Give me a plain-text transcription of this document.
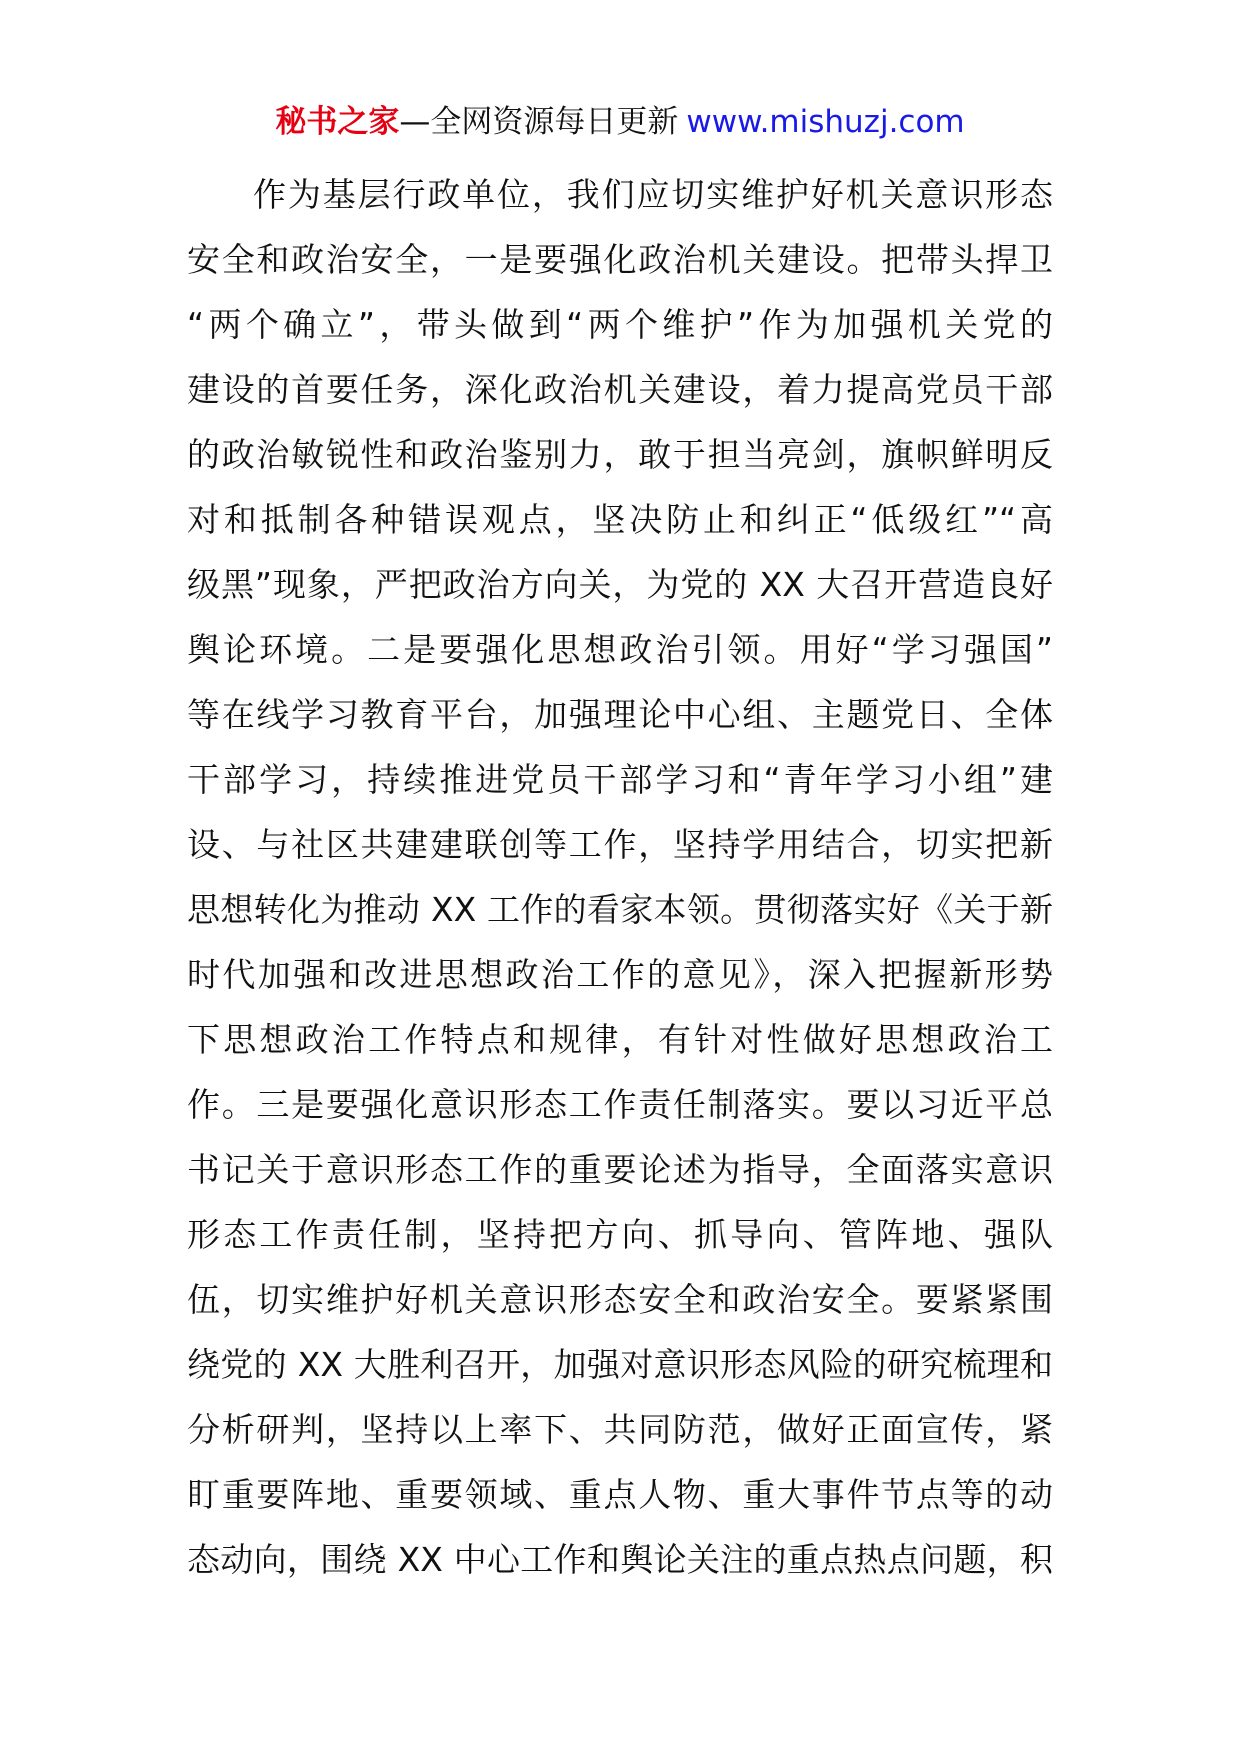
秘书之家—全网资源每日更新 www.mishuzj.com
作为基层行政单位，我们应切实维护好机关意识形态
安全和政治安全，一是要强化政治机关建设。把带头捍卫
“两个确立”，带头做到“两个维护”作为加强机关党的
建设的首要任务，深化政治机关建设，着力提高党员干部
的政治敏锐性和政治鉴别力，敢于担当亮剑，旗帜鲜明反
对和抵制各种错误观点，坚决防止和纠正“低级红”“高
级黑”现象，严把政治方向关，为党的 XX 大召开营造良好
舆论环境。二是要强化思想政治引领。用好“学习强国”
等在线学习教育平台，加强理论中心组、主题党日、全体
干部学习，持续推进党员干部学习和“青年学习小组”建
设、与社区共建建联创等工作，坚持学用结合，切实把新
思想转化为推动 XX 工作的看家本领。贯彻落实好《关于新
时代加强和改进思想政治工作的意见》，深入把握新形势
下思想政治工作特点和规律，有针对性做好思想政治工
作。三是要强化意识形态工作责任制落实。要以习近平总
书记关于意识形态工作的重要论述为指导，全面落实意识
形态工作责任制，坚持把方向、抓导向、管阵地、强队
伍，切实维护好机关意识形态安全和政治安全。要紧紧围
绕党的 XX 大胜利召开，加强对意识形态风险的研究梳理和
分析研判，坚持以上率下、共同防范，做好正面宣传，紧
盯重要阵地、重要领域、重点人物、重大事件节点等的动
态动向，围绕 XX 中心工作和舆论关注的重点热点问题，积
